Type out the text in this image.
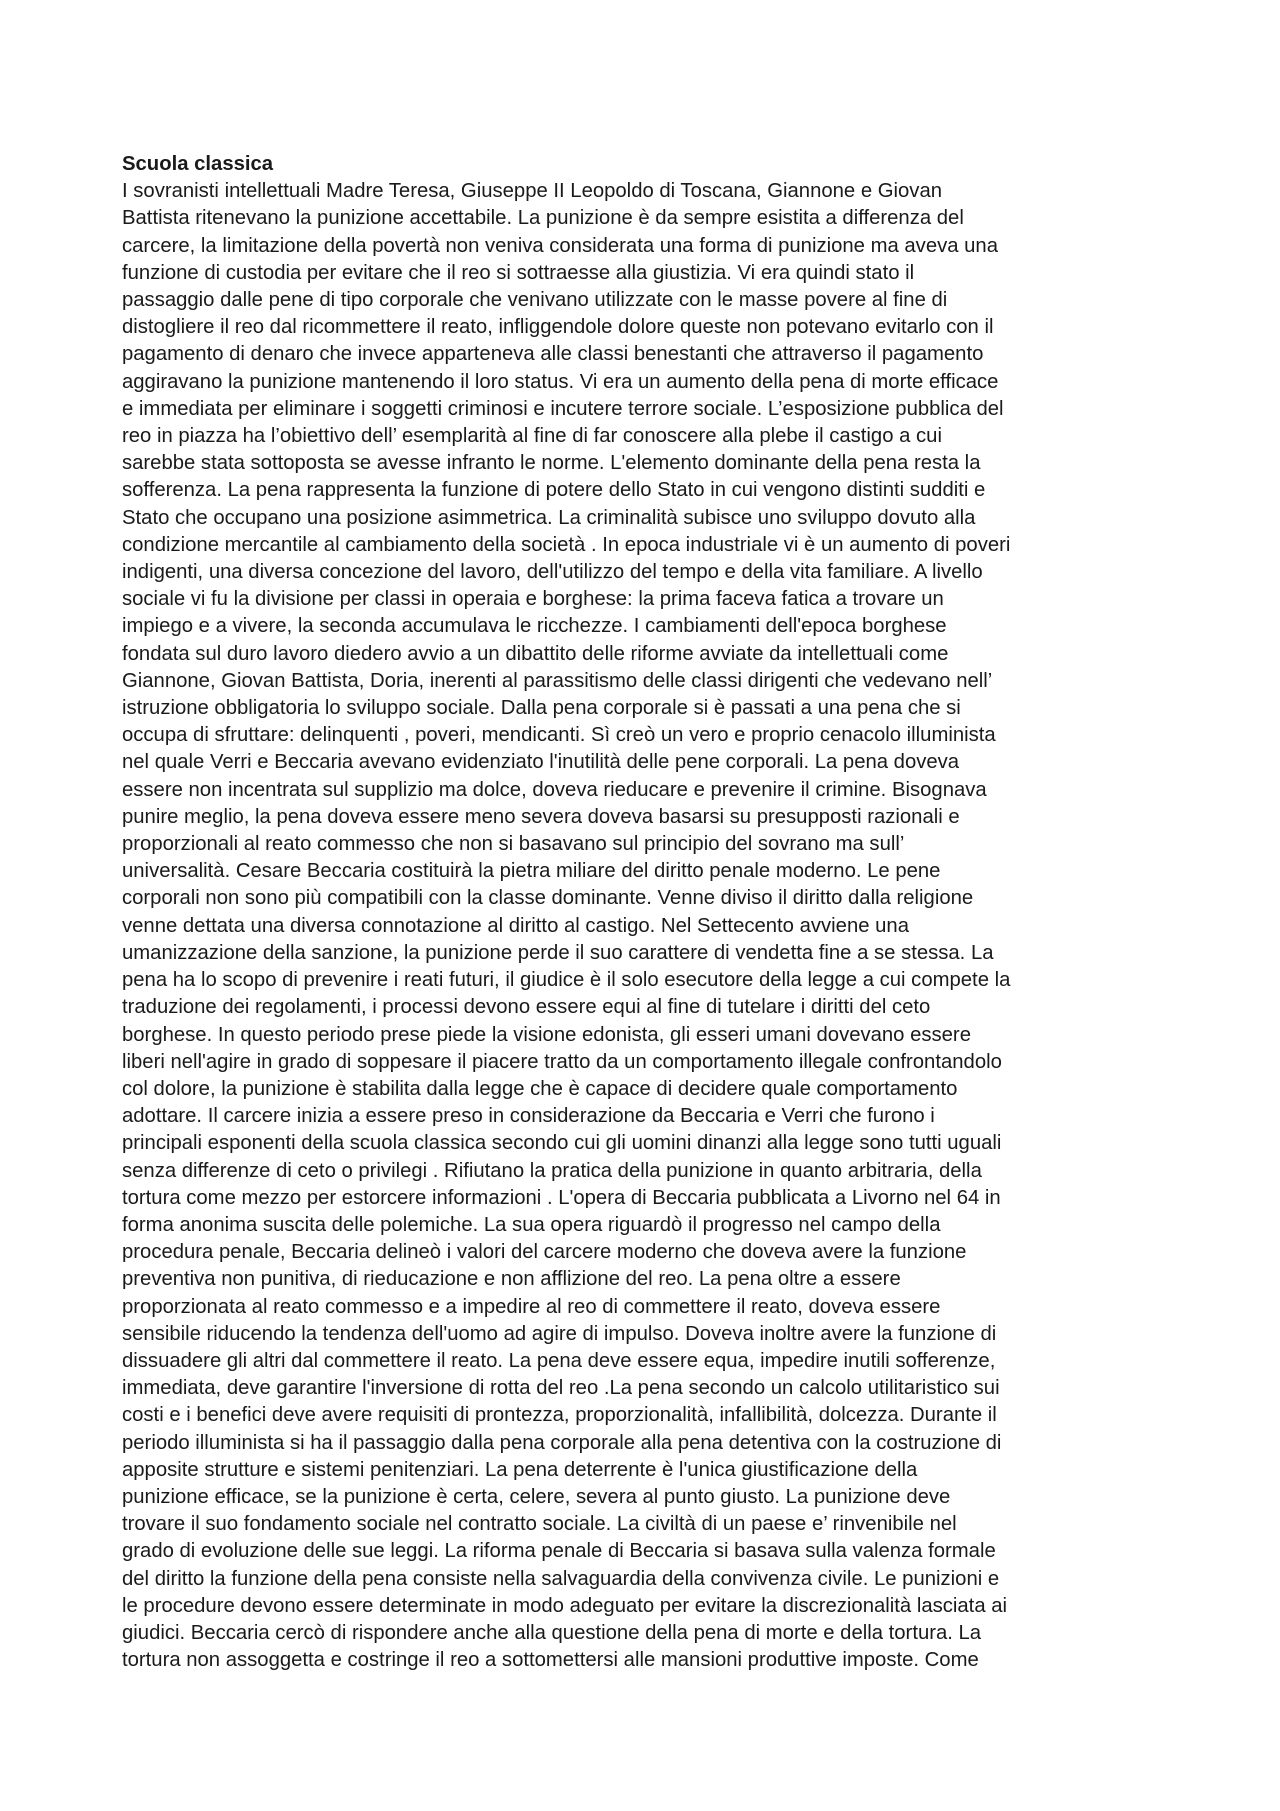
Scuola classica

I sovranisti intellettuali Madre Teresa, Giuseppe II Leopoldo di Toscana, Giannone e Giovan

Battista ritenevano la punizione accettabile. La punizione è da sempre esistita a differenza del

carcere, la limitazione della povertà non veniva considerata una forma di punizione ma aveva una

funzione di custodia per evitare che il reo si sottraesse alla giustizia. Vi era quindi stato il

passaggio dalle pene di tipo corporale che venivano utilizzate con le masse povere al fine di

distogliere il reo dal ricommettere il reato, infliggendole dolore queste non potevano evitarlo con il

pagamento di denaro che invece apparteneva alle classi benestanti che attraverso il pagamento

aggiravano la punizione mantenendo il loro status. Vi era un aumento della pena di morte efficace

e immediata per eliminare i soggetti criminosi e incutere terrore sociale. L’esposizione pubblica del

reo in piazza ha l’obiettivo dell’ esemplarità al fine di far conoscere alla plebe il castigo a cui

sarebbe stata sottoposta se avesse infranto le norme. L'elemento dominante della pena resta la

sofferenza. La pena rappresenta la funzione di potere dello Stato in cui vengono distinti sudditi e

Stato che occupano una posizione asimmetrica. La criminalità subisce uno sviluppo dovuto alla

condizione mercantile al cambiamento della società . In epoca industriale vi è un aumento di poveri

indigenti, una diversa concezione del lavoro, dell'utilizzo del tempo e della vita familiare. A livello

sociale vi fu la divisione per classi in operaia e borghese: la prima faceva fatica a trovare un

impiego e a vivere, la seconda accumulava le ricchezze. I cambiamenti dell'epoca borghese

fondata sul duro lavoro diedero avvio a un dibattito delle riforme avviate da intellettuali come

Giannone, Giovan Battista, Doria, inerenti al parassitismo delle classi dirigenti che vedevano nell’

istruzione obbligatoria lo sviluppo sociale. Dalla pena corporale si è passati a una pena che si

occupa di sfruttare: delinquenti , poveri, mendicanti. Sì creò un vero e proprio cenacolo illuminista

nel quale Verri e Beccaria avevano evidenziato l'inutilità delle pene corporali. La pena doveva

essere non incentrata sul supplizio ma dolce, doveva rieducare e prevenire il crimine. Bisognava

punire meglio, la pena doveva essere meno severa doveva basarsi su presupposti razionali e

proporzionali al reato commesso che non si basavano sul principio del sovrano ma sull’

universalità. Cesare Beccaria costituirà la pietra miliare del diritto penale moderno. Le pene

corporali non sono più compatibili con la classe dominante. Venne diviso il diritto dalla religione

venne dettata una diversa connotazione al diritto al castigo. Nel Settecento avviene una

umanizzazione della sanzione, la punizione perde il suo carattere di vendetta fine a se stessa. La

pena ha lo scopo di prevenire i reati futuri, il giudice è il solo esecutore della legge a cui compete la

traduzione dei regolamenti, i processi devono essere equi al fine di tutelare i diritti del ceto

borghese. In questo periodo prese piede la visione edonista, gli esseri umani dovevano essere

liberi nell'agire in grado di soppesare il piacere tratto da un comportamento illegale confrontandolo

col dolore, la punizione è stabilita dalla legge che è capace di decidere quale comportamento

adottare. Il carcere inizia a essere preso in considerazione da Beccaria e Verri che furono i

principali esponenti della scuola classica secondo cui gli uomini dinanzi alla legge sono tutti uguali

senza differenze di ceto o privilegi . Rifiutano la pratica della punizione in quanto arbitraria, della

tortura come mezzo per estorcere informazioni . L'opera di Beccaria pubblicata a Livorno nel 64 in

forma anonima suscita delle polemiche. La sua opera riguardò il progresso nel campo della

procedura penale, Beccaria delineò i valori del carcere moderno che doveva avere la funzione

preventiva non punitiva, di rieducazione e non afflizione del reo. La pena oltre a essere

proporzionata al reato commesso e a impedire al reo di commettere il reato, doveva essere

sensibile riducendo la tendenza dell'uomo ad agire di impulso. Doveva inoltre avere la funzione di

dissuadere gli altri dal commettere il reato. La pena deve essere equa, impedire inutili sofferenze,

immediata, deve garantire l'inversione di rotta del reo .La pena secondo un calcolo utilitaristico sui

costi e i benefici deve avere requisiti di prontezza, proporzionalità, infallibilità, dolcezza. Durante il

periodo illuminista si ha il passaggio dalla pena corporale alla pena detentiva con la costruzione di

apposite strutture e sistemi penitenziari. La pena deterrente è l'unica giustificazione della

punizione efficace, se la punizione è certa, celere, severa al punto giusto. La punizione deve

trovare il suo fondamento sociale nel contratto sociale. La civiltà di un paese e’ rinvenibile nel

grado di evoluzione delle sue leggi. La riforma penale di Beccaria si basava sulla valenza formale

del diritto la funzione della pena consiste nella salvaguardia della convivenza civile. Le punizioni e

le procedure devono essere determinate in modo adeguato per evitare la discrezionalità lasciata ai

giudici. Beccaria cercò di rispondere anche alla questione della pena di morte e della tortura. La

tortura non assoggetta e costringe il reo a sottomettersi alle mansioni produttive imposte. Come
